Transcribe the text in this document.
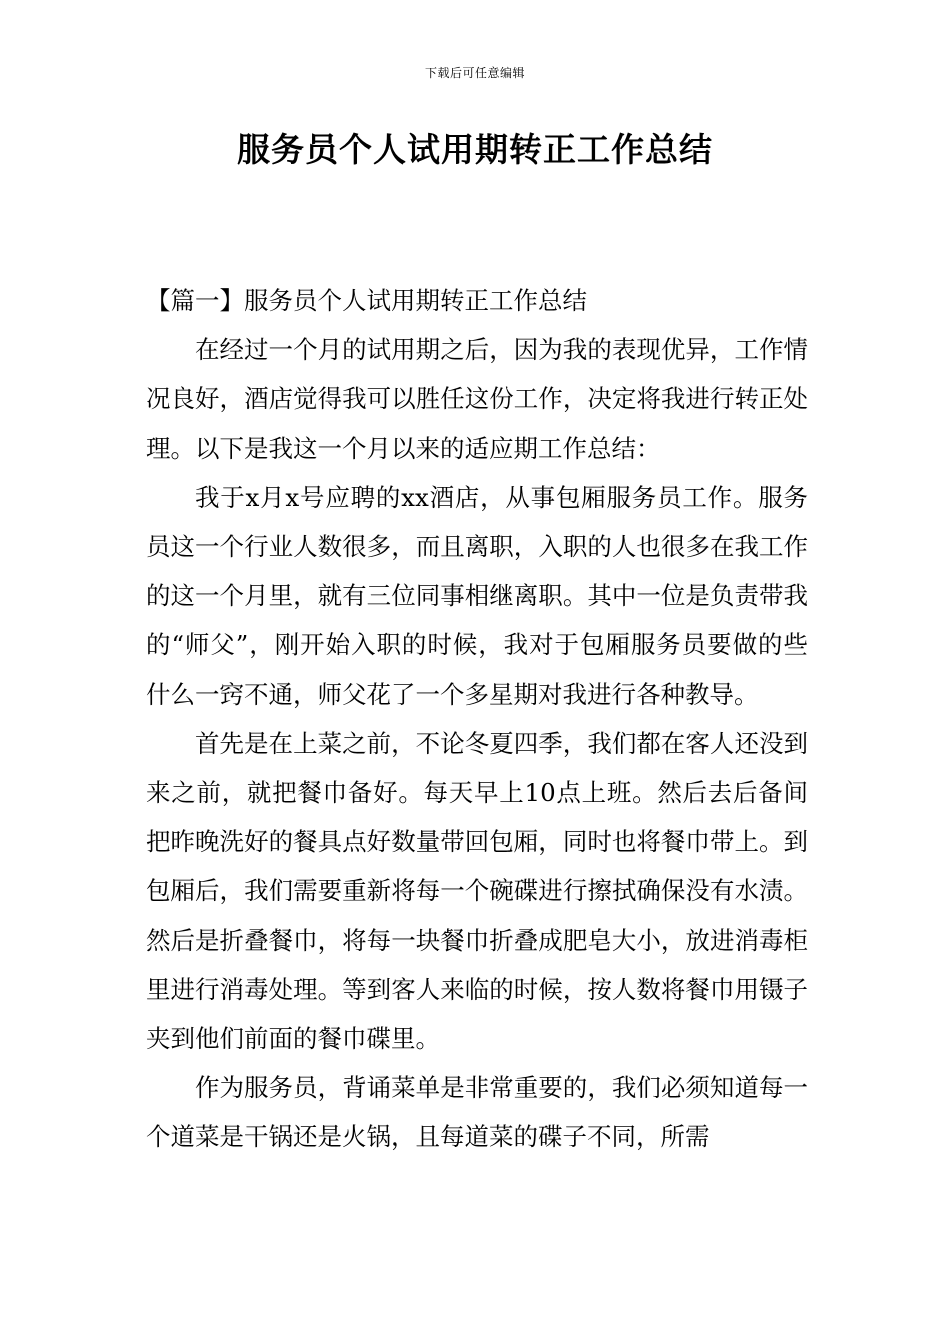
下载后可任意编辑
服务员个人试用期转正工作总结

【篇一】服务员个人试用期转正工作总结

在经过一个月的试用期之后，因为我的表现优异，工作情况良好，酒店觉得我可以胜任这份工作，决定将我进行转正处理。以下是我这一个月以来的适应期工作总结：

我于x月x号应聘的xx酒店，从事包厢服务员工作。服务员这一个行业人数很多，而且离职，入职的人也很多在我工作的这一个月里，就有三位同事相继离职。其中一位是负责带我的“师父”，刚开始入职的时候，我对于包厢服务员要做的些什么一窍不通，师父花了一个多星期对我进行各种教导。

首先是在上菜之前，不论冬夏四季，我们都在客人还没到来之前，就把餐巾备好。每天早上10点上班。然后去后备间把昨晚洗好的餐具点好数量带回包厢，同时也将餐巾带上。到包厢后，我们需要重新将每一个碗碟进行擦拭确保没有水渍。然后是折叠餐巾，将每一块餐巾折叠成肥皂大小，放进消毒柜里进行消毒处理。等到客人来临的时候，按人数将餐巾用镊子夹到他们前面的餐巾碟里。

作为服务员，背诵菜单是非常重要的，我们必须知道每一个道菜是干锅还是火锅，且每道菜的碟子不同，所需
